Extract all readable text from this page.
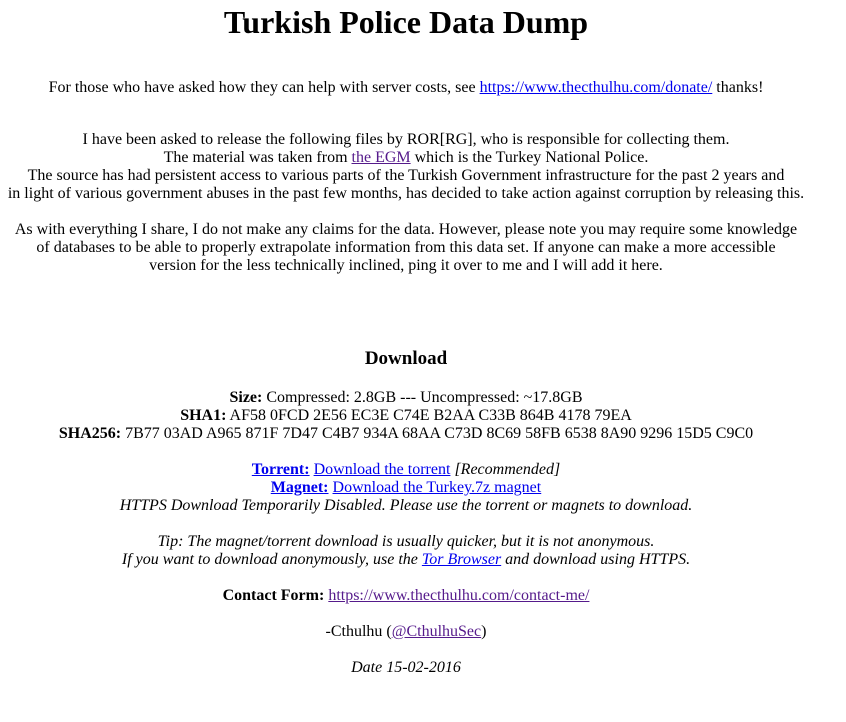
Turkish Police Data Dump
For those who have asked how they can help with server costs, see https://www.thecthulhu.com/donate/ thanks!
I have been asked to release the following files by ROR[RG], who is responsible for collecting them.
The material was taken from the EGM which is the Turkey National Police.
The source has had persistent access to various parts of the Turkish Government infrastructure for the past 2 years and
in light of various government abuses in the past few months, has decided to take action against corruption by releasing this.
As with everything I share, I do not make any claims for the data. However, please note you may require some knowledge
of databases to be able to properly extrapolate information from this data set. If anyone can make a more accessible
version for the less technically inclined, ping it over to me and I will add it here.
Download
Size: Compressed: 2.8GB --- Uncompressed: ~17.8GB
SHA1: AF58 0FCD 2E56 EC3E C74E B2AA C33B 864B 4178 79EA
SHA256: 7B77 03AD A965 871F 7D47 C4B7 934A 68AA C73D 8C69 58FB 6538 8A90 9296 15D5 C9C0
Torrent: Download the torrent [Recommended]
Magnet: Download the Turkey.7z magnet
HTTPS Download Temporarily Disabled. Please use the torrent or magnets to download.
Tip: The magnet/torrent download is usually quicker, but it is not anonymous.
If you want to download anonymously, use the Tor Browser and download using HTTPS.
Contact Form: https://www.thecthulhu.com/contact-me/
-Cthulhu (@CthulhuSec)
Date 15-02-2016
